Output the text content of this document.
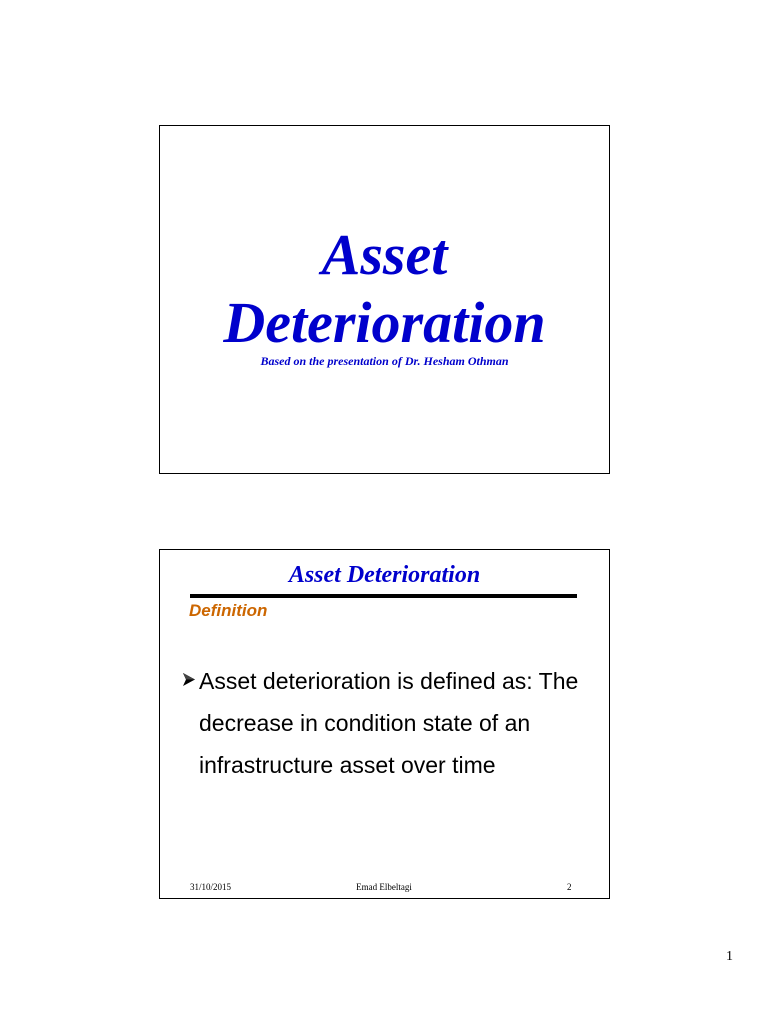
Asset
Deterioration
Based on the presentation of Dr. Hesham Othman
Asset Deterioration
Definition
Asset deterioration is defined as: The
decrease in condition state of an
infrastructure asset over time
31/10/2015	Emad Elbeltagi	2
1
